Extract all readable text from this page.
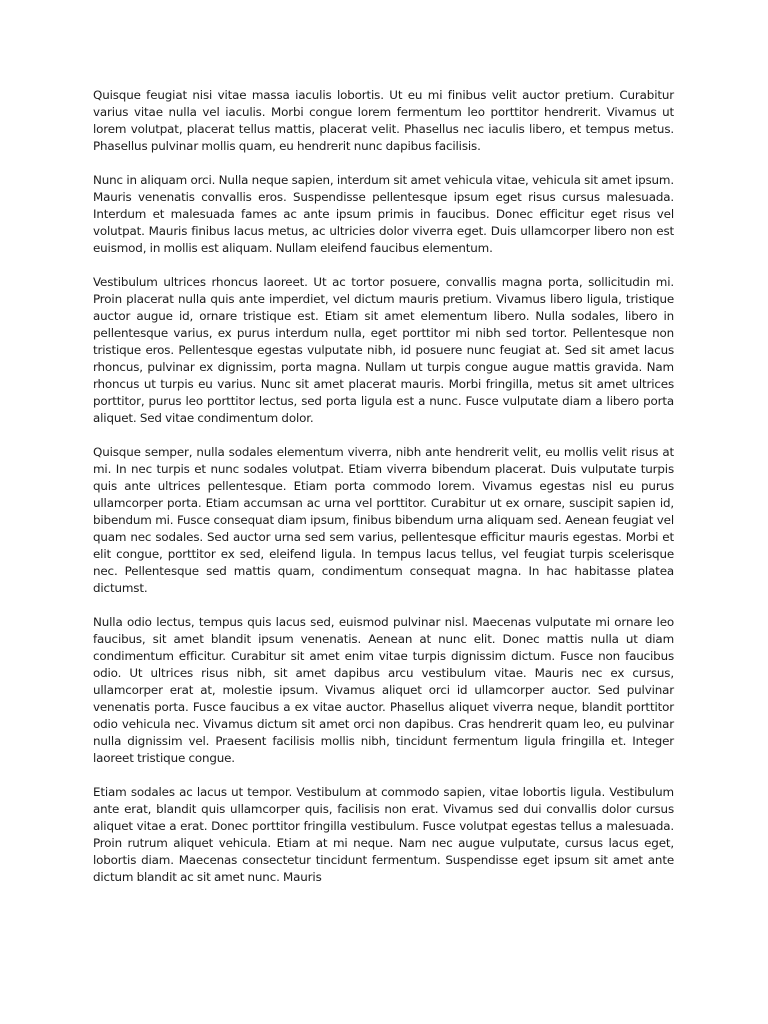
Quisque feugiat nisi vitae massa iaculis lobortis. Ut eu mi finibus velit auctor pretium. Curabitur varius vitae nulla vel iaculis. Morbi congue lorem fermentum leo porttitor hendrerit. Vivamus ut lorem volutpat, placerat tellus mattis, placerat velit. Phasellus nec iaculis libero, et tempus metus. Phasellus pulvinar mollis quam, eu hendrerit nunc dapibus facilisis.

Nunc in aliquam orci. Nulla neque sapien, interdum sit amet vehicula vitae, vehicula sit amet ipsum. Mauris venenatis convallis eros. Suspendisse pellentesque ipsum eget risus cursus malesuada. Interdum et malesuada fames ac ante ipsum primis in faucibus. Donec efficitur eget risus vel volutpat. Mauris finibus lacus metus, ac ultricies dolor viverra eget. Duis ullamcorper libero non est euismod, in mollis est aliquam. Nullam eleifend faucibus elementum.

Vestibulum ultrices rhoncus laoreet. Ut ac tortor posuere, convallis magna porta, sollicitudin mi. Proin placerat nulla quis ante imperdiet, vel dictum mauris pretium. Vivamus libero ligula, tristique auctor augue id, ornare tristique est. Etiam sit amet elementum libero. Nulla sodales, libero in pellentesque varius, ex purus interdum nulla, eget porttitor mi nibh sed tortor. Pellentesque non tristique eros. Pellentesque egestas vulputate nibh, id posuere nunc feugiat at. Sed sit amet lacus rhoncus, pulvinar ex dignissim, porta magna. Nullam ut turpis congue augue mattis gravida. Nam rhoncus ut turpis eu varius. Nunc sit amet placerat mauris. Morbi fringilla, metus sit amet ultrices porttitor, purus leo porttitor lectus, sed porta ligula est a nunc. Fusce vulputate diam a libero porta aliquet. Sed vitae condimentum dolor.

Quisque semper, nulla sodales elementum viverra, nibh ante hendrerit velit, eu mollis velit risus at mi. In nec turpis et nunc sodales volutpat. Etiam viverra bibendum placerat. Duis vulputate turpis quis ante ultrices pellentesque. Etiam porta commodo lorem. Vivamus egestas nisl eu purus ullamcorper porta. Etiam accumsan ac urna vel porttitor. Curabitur ut ex ornare, suscipit sapien id, bibendum mi. Fusce consequat diam ipsum, finibus bibendum urna aliquam sed. Aenean feugiat vel quam nec sodales. Sed auctor urna sed sem varius, pellentesque efficitur mauris egestas. Morbi et elit congue, porttitor ex sed, eleifend ligula. In tempus lacus tellus, vel feugiat turpis scelerisque nec. Pellentesque sed mattis quam, condimentum consequat magna. In hac habitasse platea dictumst.

Nulla odio lectus, tempus quis lacus sed, euismod pulvinar nisl. Maecenas vulputate mi ornare leo faucibus, sit amet blandit ipsum venenatis. Aenean at nunc elit. Donec mattis nulla ut diam condimentum efficitur. Curabitur sit amet enim vitae turpis dignissim dictum. Fusce non faucibus odio. Ut ultrices risus nibh, sit amet dapibus arcu vestibulum vitae. Mauris nec ex cursus, ullamcorper erat at, molestie ipsum. Vivamus aliquet orci id ullamcorper auctor. Sed pulvinar venenatis porta. Fusce faucibus a ex vitae auctor. Phasellus aliquet viverra neque, blandit porttitor odio vehicula nec. Vivamus dictum sit amet orci non dapibus. Cras hendrerit quam leo, eu pulvinar nulla dignissim vel. Praesent facilisis mollis nibh, tincidunt fermentum ligula fringilla et. Integer laoreet tristique congue.

Etiam sodales ac lacus ut tempor. Vestibulum at commodo sapien, vitae lobortis ligula. Vestibulum ante erat, blandit quis ullamcorper quis, facilisis non erat. Vivamus sed dui convallis dolor cursus aliquet vitae a erat. Donec porttitor fringilla vestibulum. Fusce volutpat egestas tellus a malesuada. Proin rutrum aliquet vehicula. Etiam at mi neque. Nam nec augue vulputate, cursus lacus eget, lobortis diam. Maecenas consectetur tincidunt fermentum. Suspendisse eget ipsum sit amet ante dictum blandit ac sit amet nunc. Mauris
